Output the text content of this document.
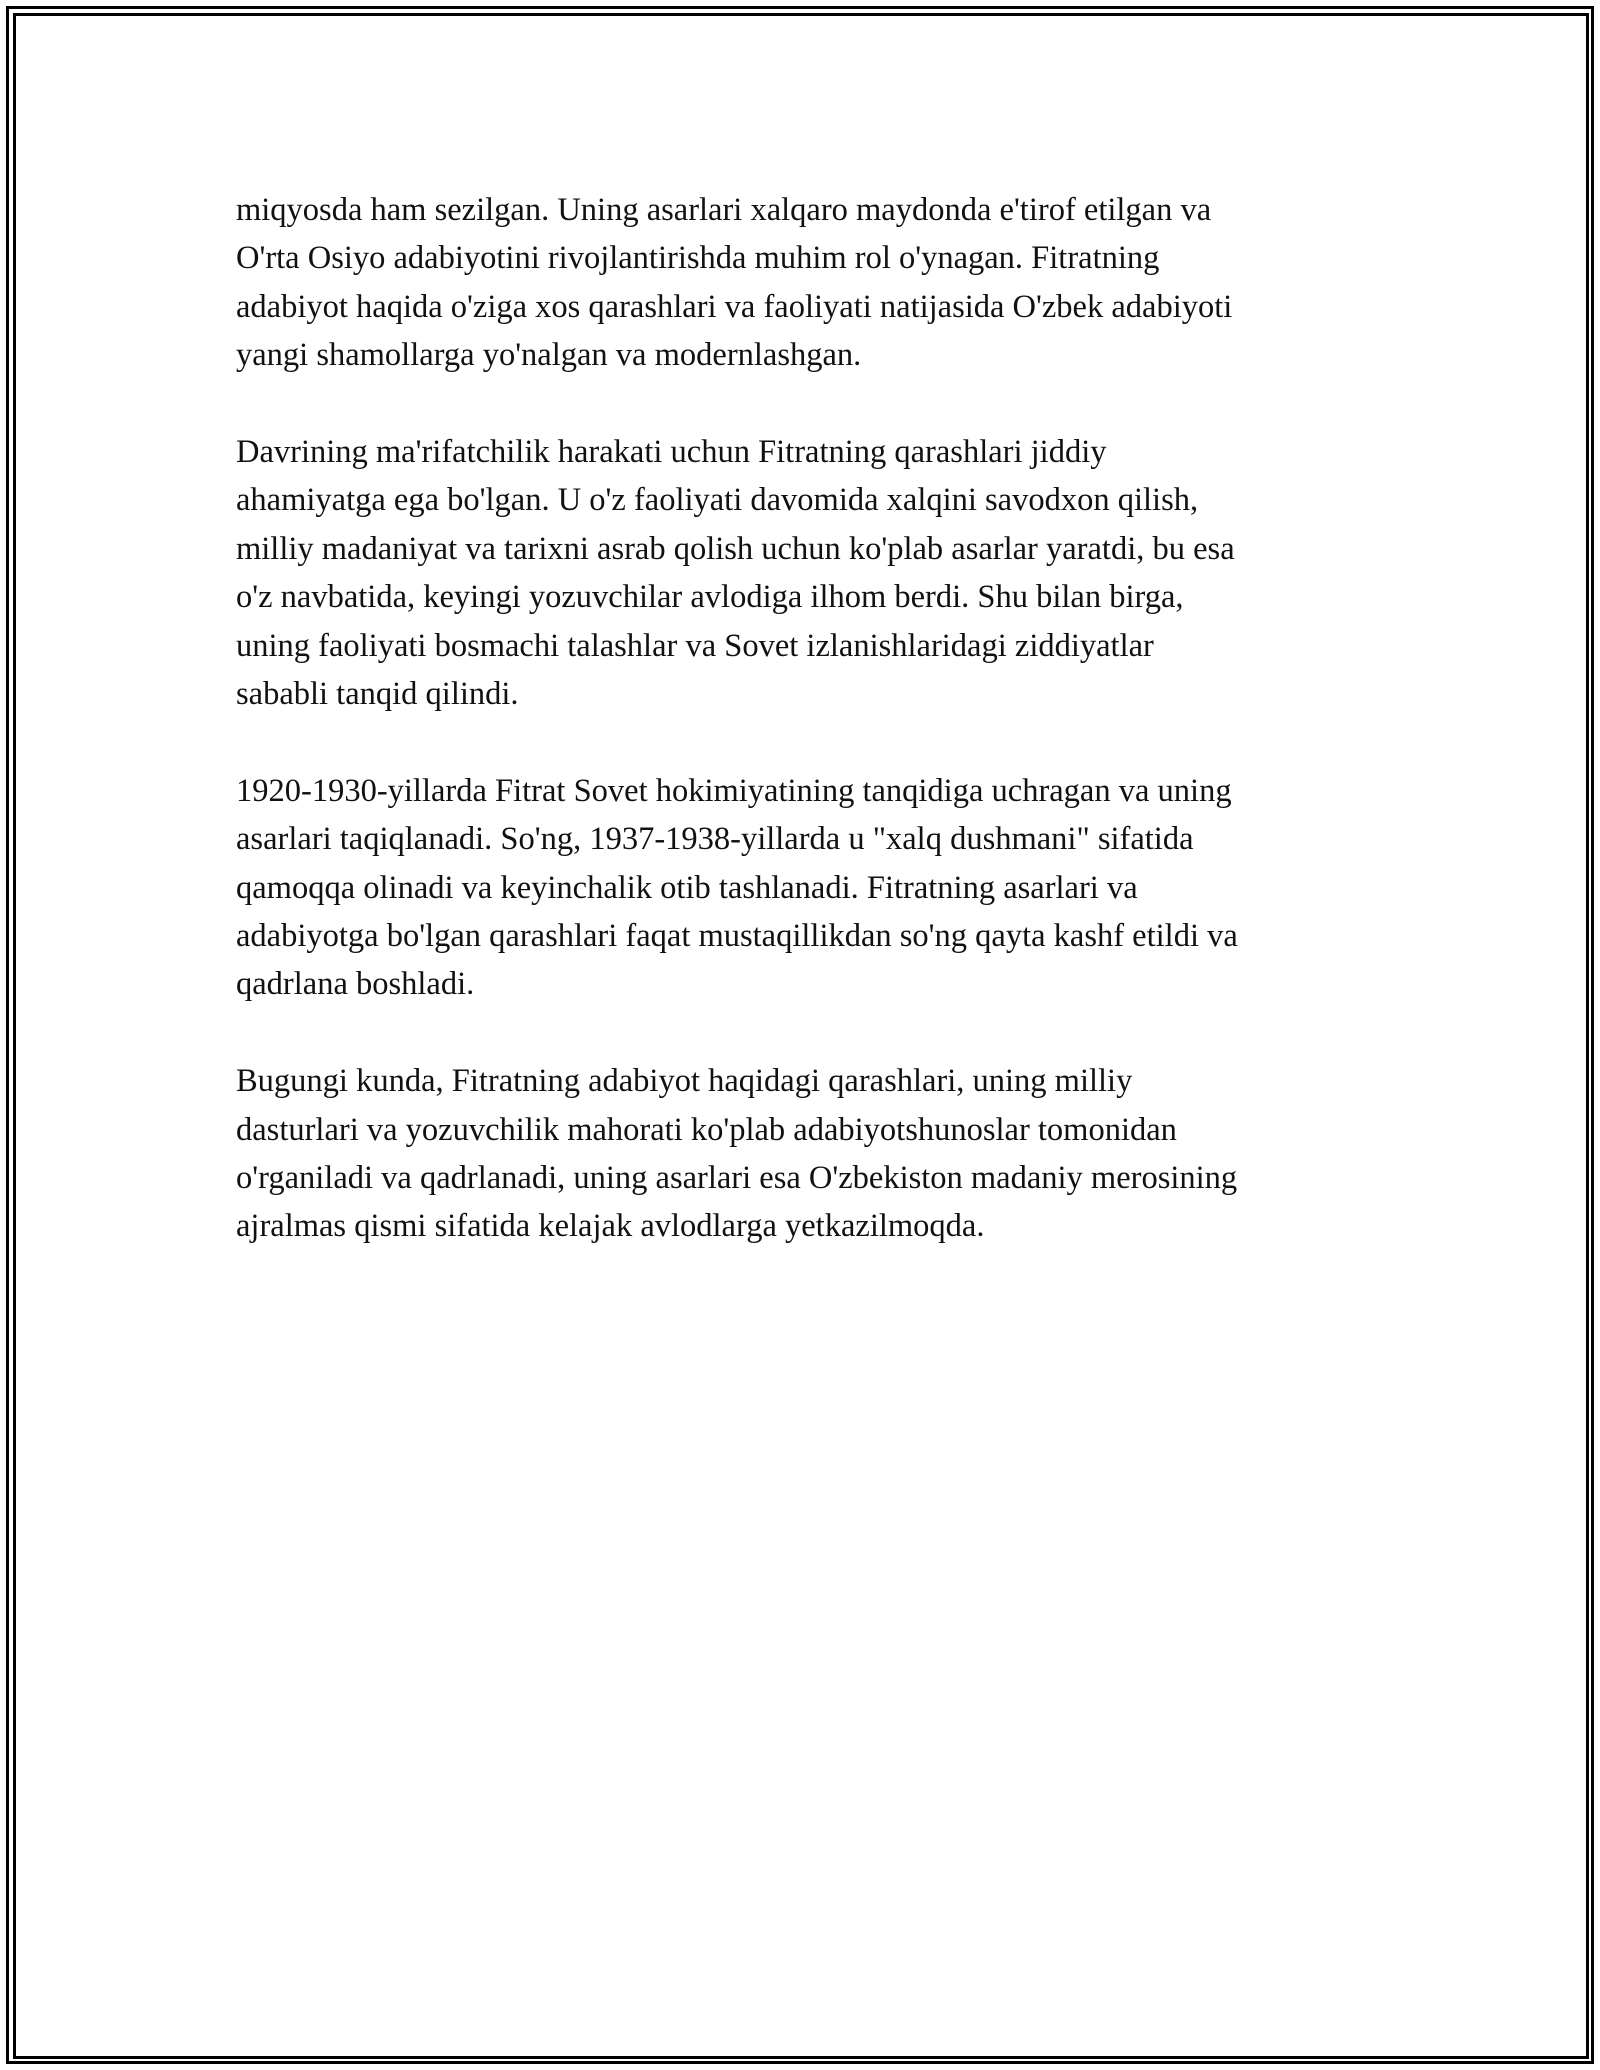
miqyosda ham sezilgan. Uning asarlari xalqaro maydonda e'tirof etilgan va
O'rta Osiyo adabiyotini rivojlantirishda muhim rol o'ynagan. Fitratning
adabiyot haqida o'ziga xos qarashlari va faoliyati natijasida O'zbek adabiyoti
yangi shamollarga yo'nalgan va modernlashgan.

Davrining ma'rifatchilik harakati uchun Fitratning qarashlari jiddiy
ahamiyatga ega bo'lgan. U o'z faoliyati davomida xalqini savodxon qilish,
milliy madaniyat va tarixni asrab qolish uchun ko'plab asarlar yaratdi, bu esa
o'z navbatida, keyingi yozuvchilar avlodiga ilhom berdi. Shu bilan birga,
uning faoliyati bosmachi talashlar va Sovet izlanishlaridagi ziddiyatlar
sababli tanqid qilindi.

1920-1930-yillarda Fitrat Sovet hokimiyatining tanqidiga uchragan va uning
asarlari taqiqlanadi. So'ng, 1937-1938-yillarda u "xalq dushmani" sifatida
qamoqqa olinadi va keyinchalik otib tashlanadi. Fitratning asarlari va
adabiyotga bo'lgan qarashlari faqat mustaqillikdan so'ng qayta kashf etildi va
qadrlana boshladi.

Bugungi kunda, Fitratning adabiyot haqidagi qarashlari, uning milliy
dasturlari va yozuvchilik mahorati ko'plab adabiyotshunoslar tomonidan
o'rganiladi va qadrlanadi, uning asarlari esa O'zbekiston madaniy merosining
ajralmas qismi sifatida kelajak avlodlarga yetkazilmoqda.
